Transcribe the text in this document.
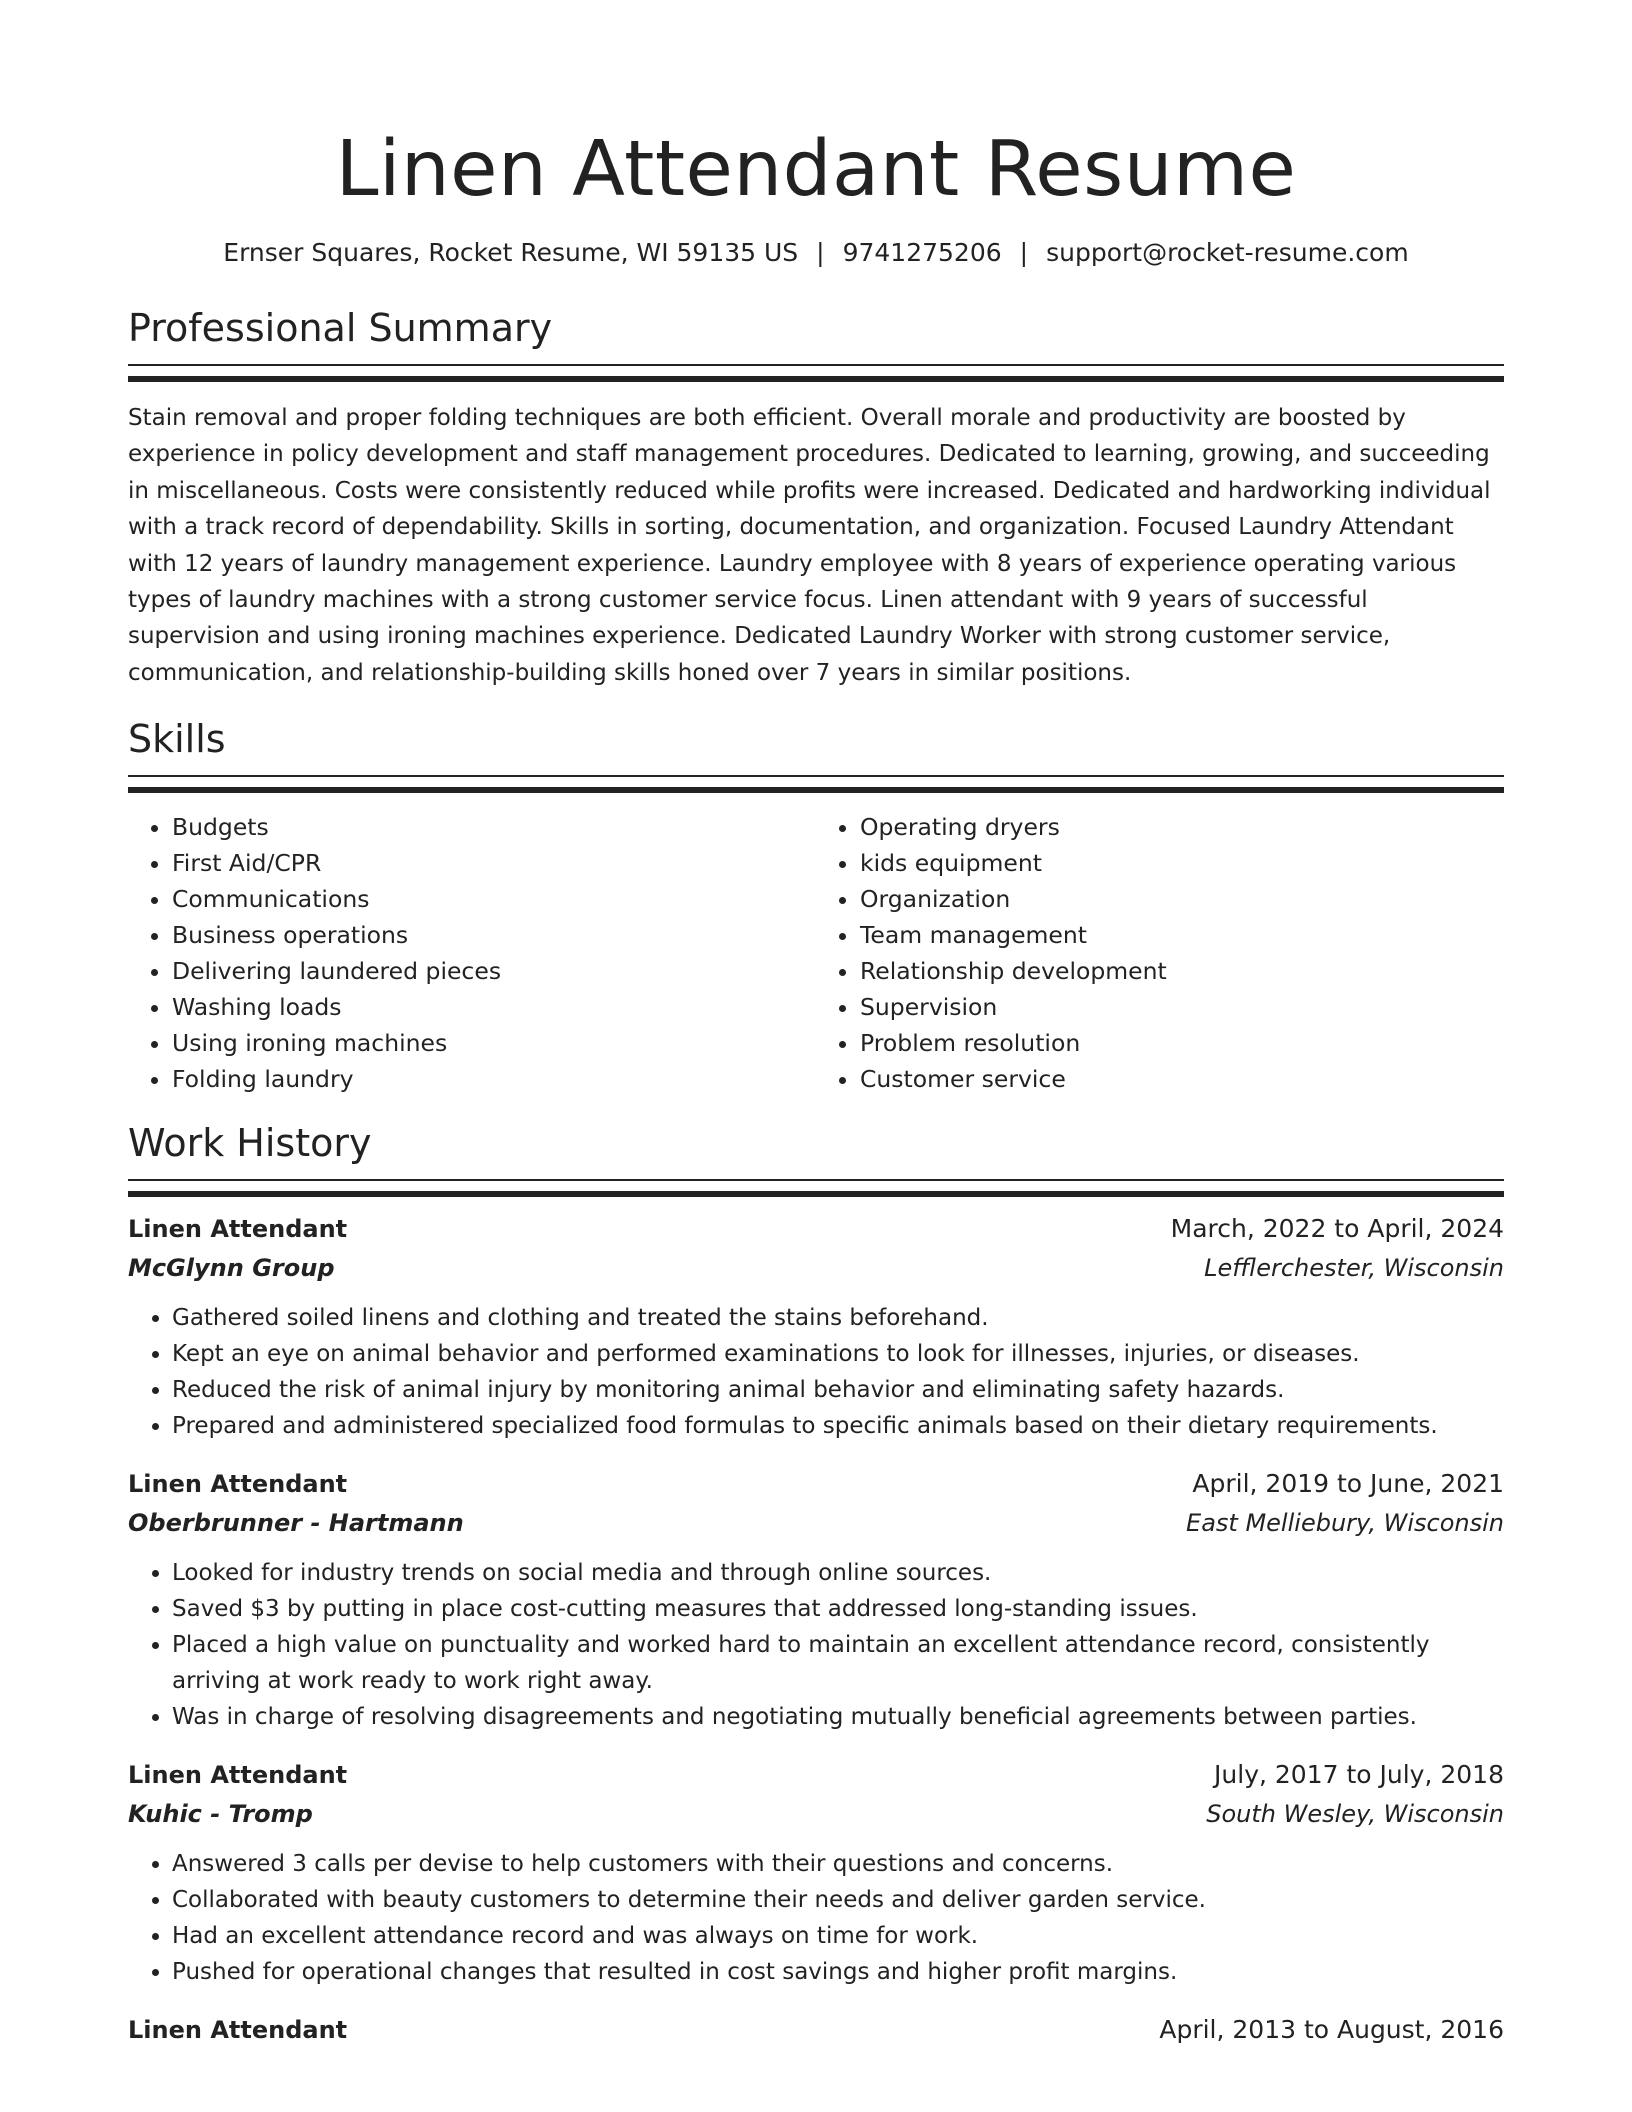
Linen Attendant Resume
Ernser Squares, Rocket Resume, WI 59135 US | 9741275206 | support@rocket-resume.com
Professional Summary

Stain removal and proper folding techniques are both efficient. Overall morale and productivity are boosted by experience in policy development and staff management procedures. Dedicated to learning, growing, and succeeding in miscellaneous. Costs were consistently reduced while profits were increased. Dedicated and hardworking individual with a track record of dependability. Skills in sorting, documentation, and organization. Focused Laundry Attendant with 12 years of laundry management experience. Laundry employee with 8 years of experience operating various types of laundry machines with a strong customer service focus. Linen attendant with 9 years of successful supervision and using ironing machines experience. Dedicated Laundry Worker with strong customer service, communication, and relationship-building skills honed over 7 years in similar positions.

Skills
• Budgets
• First Aid/CPR
• Communications
• Business operations
• Delivering laundered pieces
• Washing loads
• Using ironing machines
• Folding laundry
• Operating dryers
• kids equipment
• Organization
• Team management
• Relationship development
• Supervision
• Problem resolution
• Customer service
Work History
Linen Attendant	March, 2022 to April, 2024
McGlynn Group	Lefflerchester, Wisconsin
• Gathered soiled linens and clothing and treated the stains beforehand.
• Kept an eye on animal behavior and performed examinations to look for illnesses, injuries, or diseases.
• Reduced the risk of animal injury by monitoring animal behavior and eliminating safety hazards.
• Prepared and administered specialized food formulas to specific animals based on their dietary requirements.
Linen Attendant	April, 2019 to June, 2021
Oberbrunner - Hartmann	East Melliebury, Wisconsin
• Looked for industry trends on social media and through online sources.
• Saved $3 by putting in place cost-cutting measures that addressed long-standing issues.
• Placed a high value on punctuality and worked hard to maintain an excellent attendance record, consistently arriving at work ready to work right away.
• Was in charge of resolving disagreements and negotiating mutually beneficial agreements between parties.
Linen Attendant	July, 2017 to July, 2018
Kuhic - Tromp	South Wesley, Wisconsin
• Answered 3 calls per devise to help customers with their questions and concerns.
• Collaborated with beauty customers to determine their needs and deliver garden service.
• Had an excellent attendance record and was always on time for work.
• Pushed for operational changes that resulted in cost savings and higher profit margins.
Linen Attendant	April, 2013 to August, 2016
